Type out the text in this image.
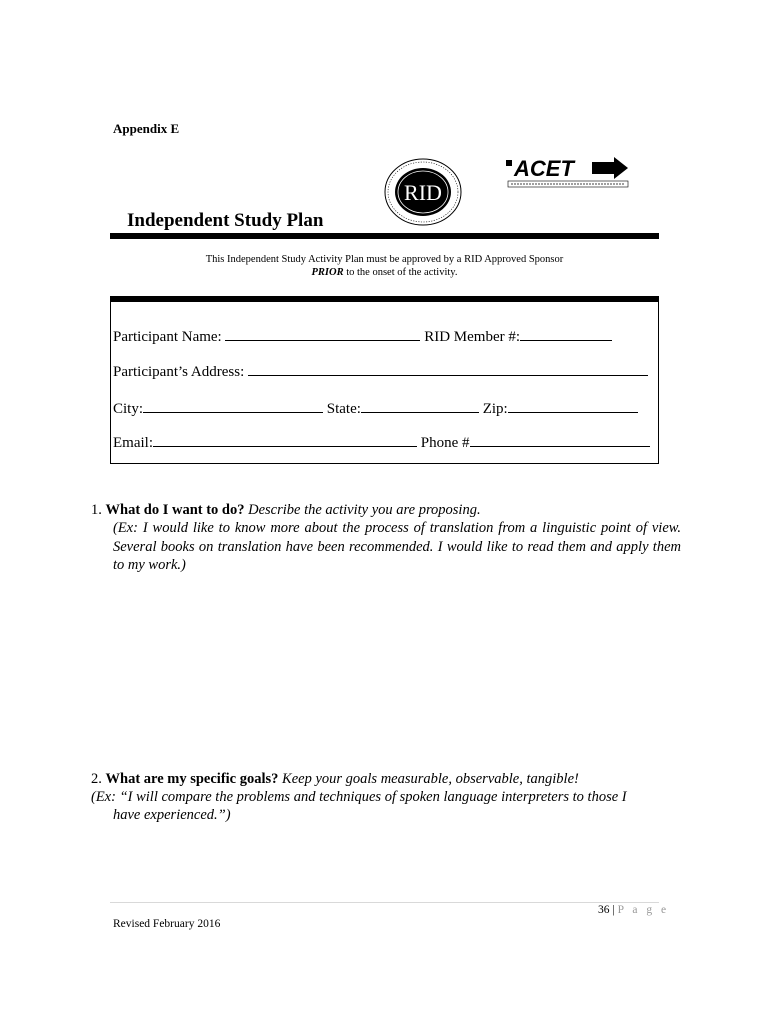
Appendix E
RID
ACET
Independent Study Plan
This Independent Study Activity Plan must be approved by a RID Approved Sponsor
PRIOR to the onset of the activity.
Participant Name:	RID Member #:
Participant’s Address:
City:	State:	Zip:
Email:	Phone #
1. What do I want to do? Describe the activity you are proposing.
(Ex: I would like to know more about the process of translation from a linguistic point of view. Several books on translation have been recommended. I would like to read them and apply them to my work.)
2. What are my specific goals? Keep your goals measurable, observable, tangible!
(Ex: “I will compare the problems and techniques of spoken language interpreters to those I
have experienced.”)
36 | P a g e
Revised February 2016
